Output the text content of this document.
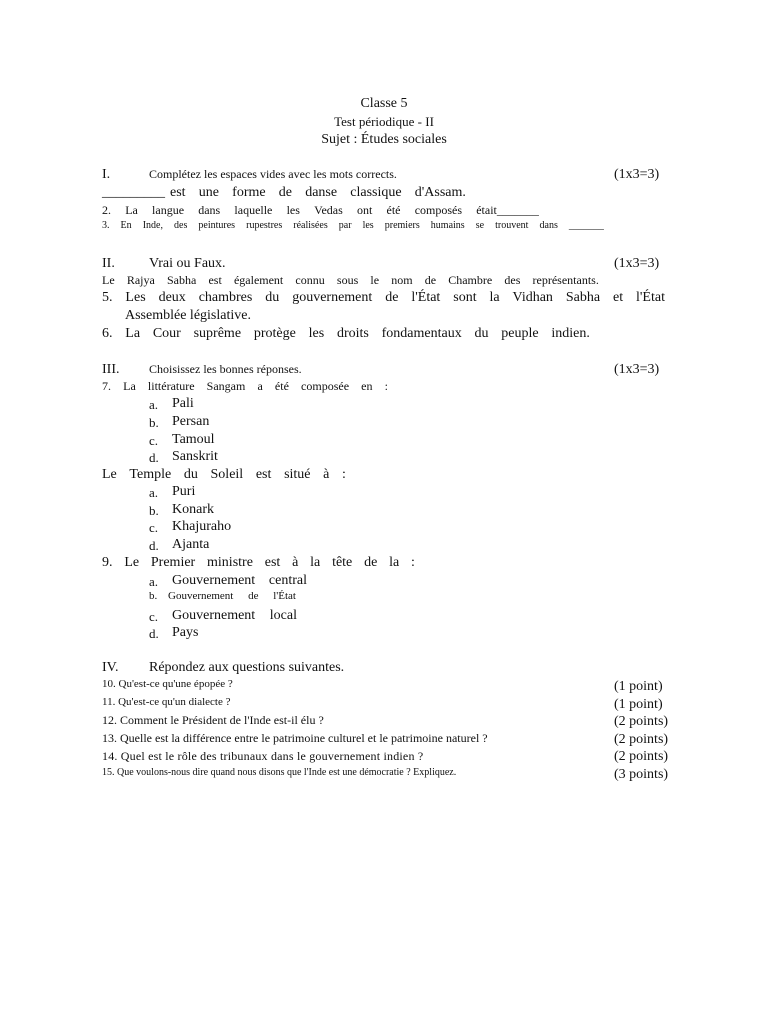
Classe 5
Test périodique - II
Sujet : Études sociales
I.	Complétez les espaces vides avec les mots corrects.	(1x3=3)
_________ est une forme de danse classique d'Assam.
2. La langue dans laquelle les Vedas ont été composés était_______
3. En Inde, des peintures rupestres réalisées par les premiers humains se trouvent dans _______
II. Vrai ou Faux.	(1x3=3)
Le Rajya Sabha est également connu sous le nom de Chambre des représentants.
5. Les deux chambres du gouvernement de l'État sont la Vidhan Sabha et l'État
Assemblée législative.
6. La Cour suprême protège les droits fondamentaux du peuple indien.
III. Choisissez les bonnes réponses.	(1x3=3)
7. La littérature Sangam a été composée en :
a. Pali
b. Persan
c. Tamoul
d. Sanskrit
Le Temple du Soleil est situé à :
a. Puri
b. Konark
c. Khajuraho
d. Ajanta
9. Le Premier ministre est à la tête de la :
a. Gouvernement central
b. Gouvernement de l'État
c. Gouvernement local
d. Pays
IV. Répondez aux questions suivantes.
10. Qu'est-ce qu'une épopée ?	(1 point)
11. Qu'est-ce qu'un dialecte ?	(1 point)
12. Comment le Président de l'Inde est-il élu ?	(2 points)
13. Quelle est la différence entre le patrimoine culturel et le patrimoine naturel ?	(2 points)
14. Quel est le rôle des tribunaux dans le gouvernement indien ?	(2 points)
15. Que voulons-nous dire quand nous disons que l'Inde est une démocratie ? Expliquez.	(3 points)
